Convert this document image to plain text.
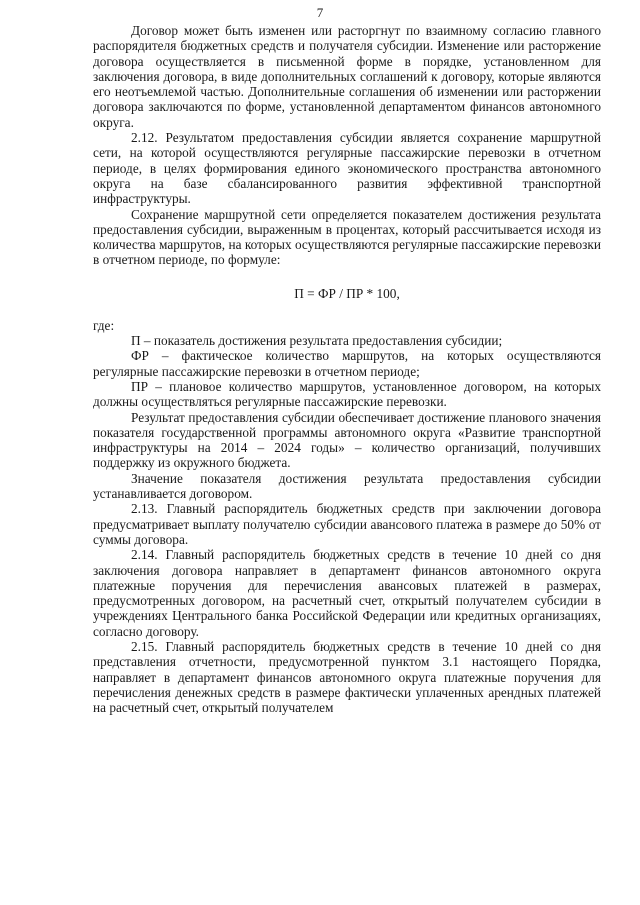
7

Договор может быть изменен или расторгнут по взаимному согласию главного распорядителя бюджетных средств и получателя субсидии. Изменение или расторжение договора осуществляется в письменной форме в порядке, установленном для заключения договора, в виде дополнительных соглашений к договору, которые являются его неотъемлемой частью. Дополнительные соглашения об изменении или расторжении договора заключаются по форме, установленной департаментом финансов автономного округа.

2.12. Результатом предоставления субсидии является сохранение маршрутной сети, на которой осуществляются регулярные пассажирские перевозки в отчетном периоде, в целях формирования единого экономического пространства автономного округа на базе сбалансированного развития эффективной транспортной инфраструктуры.

Сохранение маршрутной сети определяется показателем достижения результата предоставления субсидии, выраженным в процентах, который рассчитывается исходя из количества маршрутов, на которых осуществляются регулярные пассажирские перевозки в отчетном периоде, по формуле:

П = ФР / ПР * 100,

где:

П – показатель достижения результата предоставления субсидии;

ФР – фактическое количество маршрутов, на которых осуществляются регулярные пассажирские перевозки в отчетном периоде;

ПР – плановое количество маршрутов, установленное договором, на которых должны осуществляться регулярные пассажирские перевозки.

Результат предоставления субсидии обеспечивает достижение планового значения показателя государственной программы автономного округа «Развитие транспортной инфраструктуры на 2014 – 2024 годы» – количество организаций, получивших поддержку из окружного бюджета.

Значение показателя достижения результата предоставления субсидии устанавливается договором.

2.13. Главный распорядитель бюджетных средств при заключении договора предусматривает выплату получателю субсидии авансового платежа в размере до 50% от суммы договора.

2.14. Главный распорядитель бюджетных средств в течение 10 дней со дня заключения договора направляет в департамент финансов автономного округа платежные поручения для перечисления авансовых платежей в размерах, предусмотренных договором, на расчетный счет, открытый получателем субсидии в учреждениях Центрального банка Российской Федерации или кредитных организациях, согласно договору.

2.15. Главный распорядитель бюджетных средств в течение 10 дней со дня представления отчетности, предусмотренной пунктом 3.1 настоящего Порядка, направляет в департамент финансов автономного округа платежные поручения для перечисления денежных средств в размере фактически уплаченных арендных платежей на расчетный счет, открытый получателем
